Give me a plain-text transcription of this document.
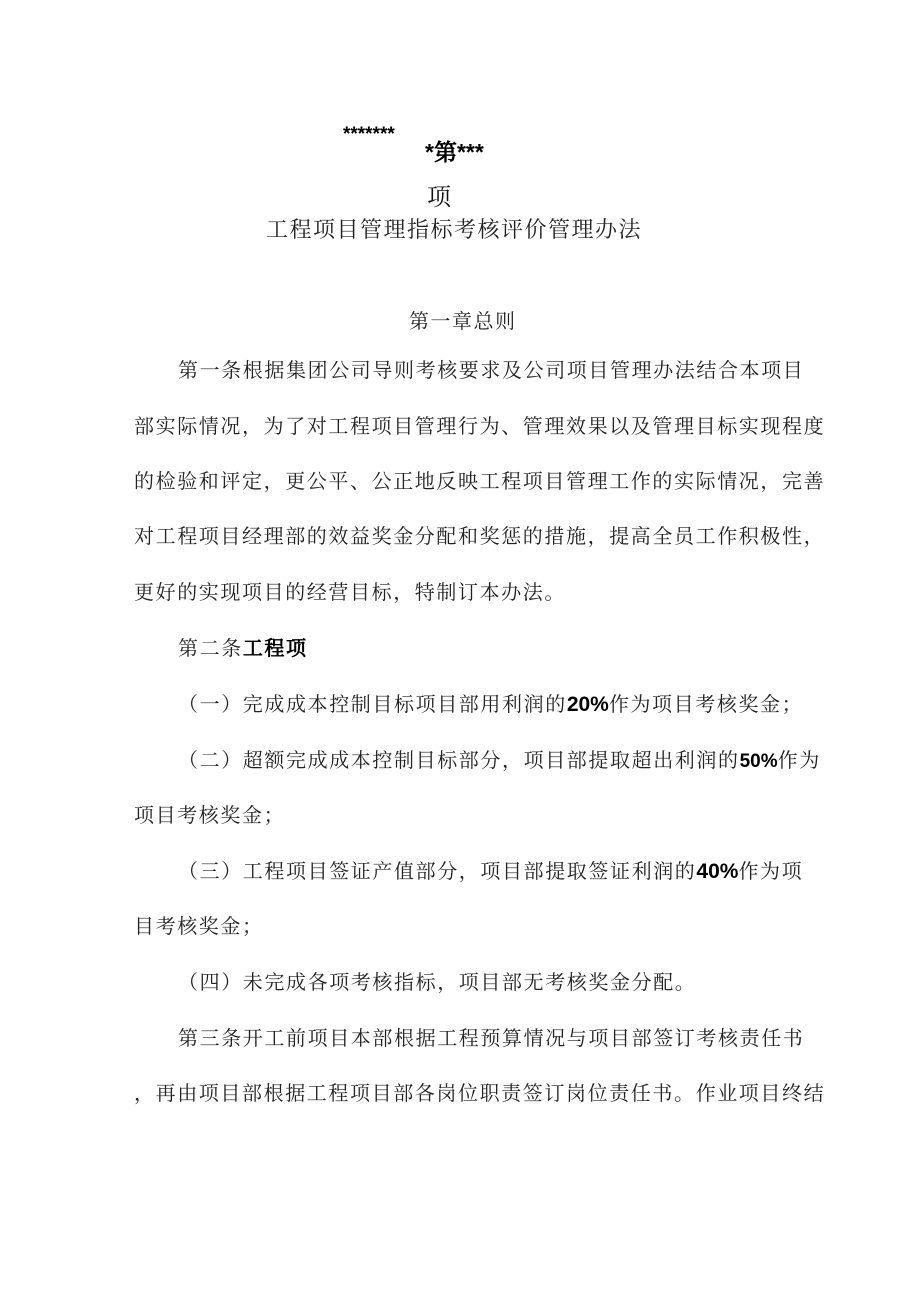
*******
*第***
项
工程项目管理指标考核评价管理办法
第一章总则
第一条根据集团公司导则考核要求及公司项目管理办法结合本项目
部实际情况，为了对工程项目管理行为、管理效果以及管理目标实现程度
的检验和评定，更公平、公正地反映工程项目管理工作的实际情况，完善
对工程项目经理部的效益奖金分配和奖惩的措施，提高全员工作积极性，
更好的实现项目的经营目标，特制订本办法。
第二条工程项
（一）完成成本控制目标项目部用利润的20%作为项目考核奖金；
（二）超额完成成本控制目标部分，项目部提取超出利润的50%作为
项目考核奖金；
（三）工程项目签证产值部分，项目部提取签证利润的40%作为项
目考核奖金；
（四）未完成各项考核指标，项目部无考核奖金分配。
第三条开工前项目本部根据工程预算情况与项目部签订考核责任书
，再由项目部根据工程项目部各岗位职责签订岗位责任书。作业项目终结
